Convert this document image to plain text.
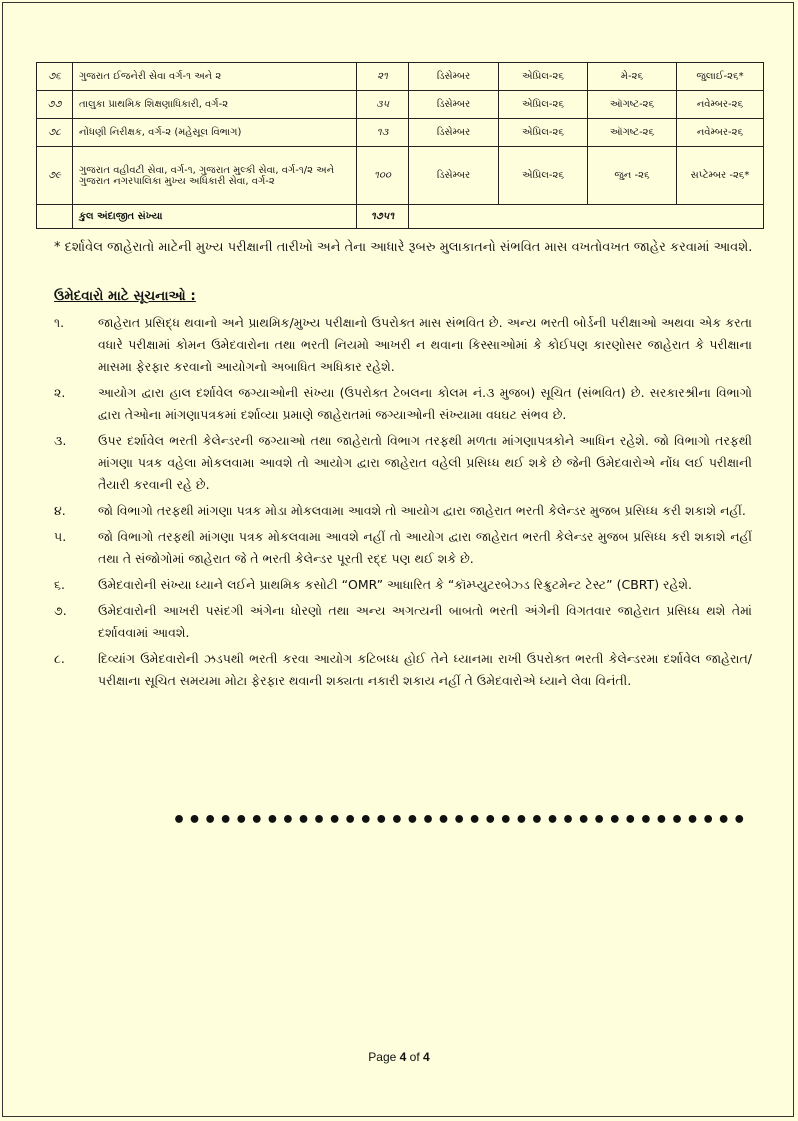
૭૬	ગુજરાત ઈજનેરી સેવા વર્ગ-૧ અને ૨	૨૧	ડિસેમ્બર	એપ્રિલ-૨૬	મે-૨૬	જુલાઈ-૨૬*
૭૭	તાલુકા પ્રાથમિક શિક્ષણાધિકારી, વર્ગ-૨	૩૫	ડિસેમ્બર	એપ્રિલ-૨૬	ઑગષ્ટ-૨૬	નવેમ્બર-૨૬
૭૮	નોંધણી નિરીક્ષક, વર્ગ-૨ (મહેસૂલ વિભાગ)	૧૩	ડિસેમ્બર	એપ્રિલ-૨૬	ઑગષ્ટ-૨૬	નવેમ્બર-૨૬
૭૯	ગુજરાત વહીવટી સેવા, વર્ગ-૧, ગુજરાત મુલ્કી સેવા, વર્ગ-૧/૨ અને ગુજરાત નગરપાલિકા મુખ્ય અધિકારી સેવા, વર્ગ-૨	૧૦૦	ડિસેમ્બર	એપ્રિલ-૨૬	જુન -૨૬	સપ્ટેમ્બર -૨૬*
	કુલ અંદાજીત સંખ્યા	૧૭૫૧				
* દર્શાવેલ જાહેરાતો માટેની મુખ્ય પરીક્ષાની તારીખો અને તેના આધારે રૂબરુ મુલાકાતનો સંભવિત માસ વખતોવખત જાહેર કરવામાં આવશે.
ઉમેદવારો માટે સૂચનાઓ :
૧.	જાહેરાત પ્રસિદ્ધ થવાનો અને પ્રાથમિક/મુખ્ય પરીક્ષાનો ઉપરોક્ત માસ સંભવિત છે. અન્ય ભરતી બોર્ડની પરીક્ષાઓ અથવા એક કરતા વધારે પરીક્ષામાં કોમન ઉમેદવારોના તથા ભરતી નિયમો આખરી ન થવાના કિસ્સાઓમાં કે કોઈપણ કારણોસર જાહેરાત કે પરીક્ષાના માસમા ફેરફાર કરવાનો આયોગનો અબાધિત અધિકાર રહેશે.
૨.	આયોગ દ્વારા હાલ દર્શાવેલ જગ્યાઓની સંખ્યા (ઉપરોક્ત ટેબલના કોલમ નં.૩ મુજબ) સૂચિત (સંભવિત) છે. સરકારશ્રીના વિભાગો દ્વારા તેઓના માંગણાપત્રકમાં દર્શાવ્યા પ્રમાણે જાહેરાતમાં જગ્યાઓની સંખ્યામા વધઘટ સંભવ છે.
૩.	ઉપર દર્શાવેલ ભરતી કેલેન્ડરની જગ્યાઓ તથા જાહેરાતો વિભાગ તરફથી મળતા માંગણાપત્રકોને આધિન રહેશે. જો વિભાગો તરફથી માંગણા પત્રક વહેલા મોકલવામા આવશે તો આયોગ દ્વારા જાહેરાત વહેલી પ્રસિધ્ધ થઈ શકે છે જેની ઉમેદવારોએ નોંધ લઈ પરીક્ષાની તૈયારી કરવાની રહે છે.
૪.	જો વિભાગો તરફથી માંગણા પત્રક મોડા મોકલવામા આવશે તો આયોગ દ્વારા જાહેરાત ભરતી કેલેન્ડર મુજબ પ્રસિધ્ધ કરી શકાશે નહીં.
૫.	જો વિભાગો તરફથી માંગણા પત્રક મોકલવામા આવશે નહીં તો આયોગ દ્વારા જાહેરાત ભરતી કેલેન્ડર મુજબ પ્રસિધ્ધ કરી શકાશે નહીં તથા તે સંજોગોમાં જાહેરાત જે તે ભરતી કેલેન્ડર પૂરતી રદ્દ પણ થઈ શકે છે.
૬.	ઉમેદવારોની સંખ્યા ધ્યાને લઈને પ્રાથમિક કસોટી “OMR” આધારિત કે “કૉમ્પ્યુટરબેઝ્ડ રિક્રુટમેન્ટ ટેસ્ટ” (CBRT) રહેશે.
૭.	ઉમેદવારોની આખરી પસંદગી અંગેના ધોરણો તથા અન્ય અગત્યની બાબતો ભરતી અંગેની વિગતવાર જાહેરાત પ્રસિધ્ધ થશે તેમાં દર્શાવવામાં આવશે.
૮.	દિવ્યાંગ ઉમેદવારોની ઝડપથી ભરતી કરવા આયોગ કટિબધ્ધ હોઈ તેને ધ્યાનમા રાખી ઉપરોક્ત ભરતી કેલેન્ડરમા દર્શાવેલ જાહેરાત/પરીક્ષાના સૂચિત સમયમા મોટા ફેરફાર થવાની શક્યતા નકારી શકાય નહીં તે ઉમેદવારોએ ધ્યાને લેવા વિનંતી.
•••••••••••••••••••••••••••••••••••••
Page 4 of 4
